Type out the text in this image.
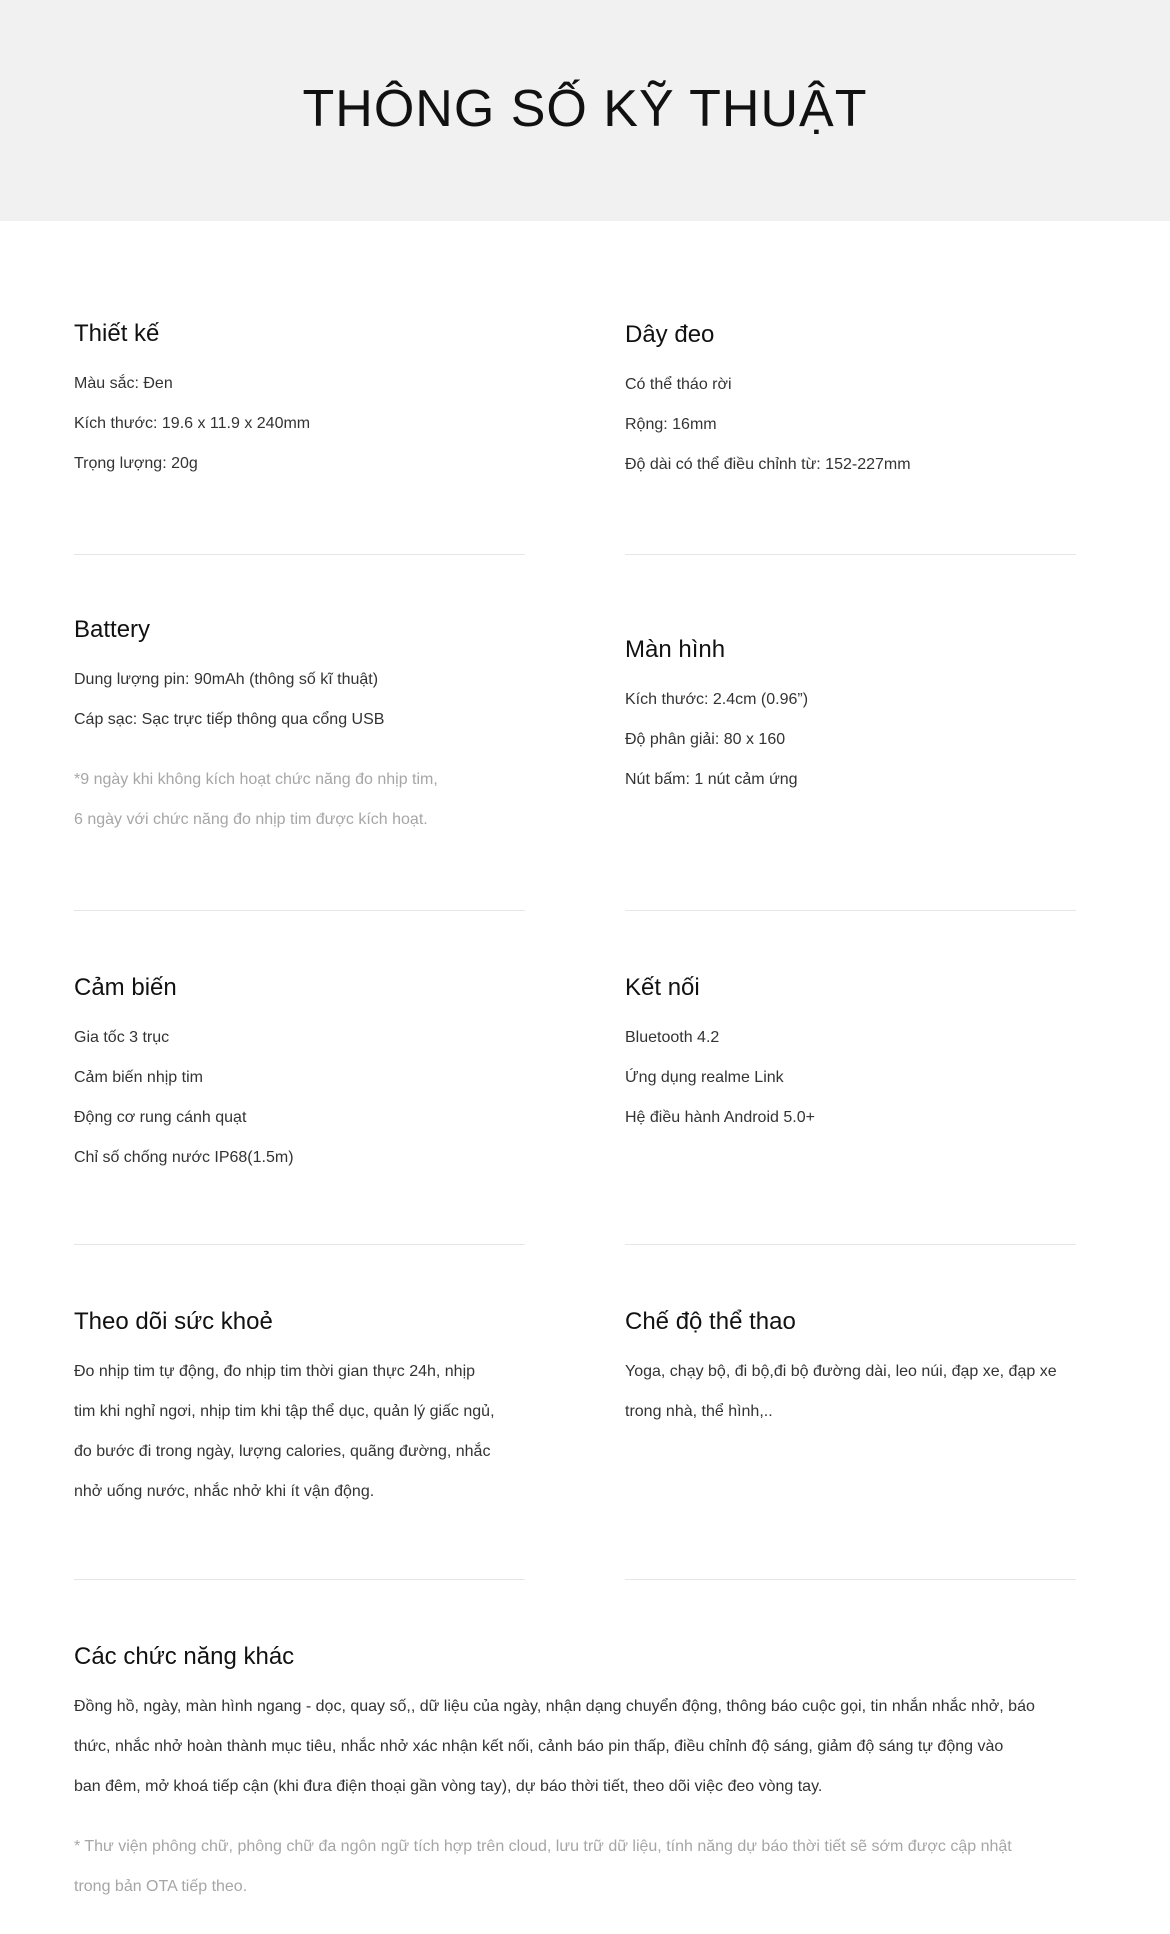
THÔNG SỐ KỸ THUẬT
Thiết kế
Màu sắc: Đen
Kích thước: 19.6 x 11.9 x 240mm
Trọng lượng: 20g
Dây đeo
Có thể tháo rời
Rộng: 16mm
Độ dài có thể điều chỉnh từ: 152-227mm
Battery
Dung lượng pin: 90mAh (thông số kĩ thuật)
Cáp sạc: Sạc trực tiếp thông qua cổng USB
*9 ngày khi không kích hoạt chức năng đo nhịp tim,
6 ngày với chức năng đo nhịp tim được kích hoạt.
Màn hình
Kích thước: 2.4cm (0.96”)
Độ phân giải: 80 x 160
Nút bấm: 1 nút cảm ứng
Cảm biến
Gia tốc 3 trục
Cảm biến nhịp tim
Động cơ rung cánh quạt
Chỉ số chống nước IP68(1.5m)
Kết nối
Bluetooth 4.2
Ứng dụng realme Link
Hệ điều hành Android 5.0+
Theo dõi sức khoẻ
Đo nhịp tim tự động, đo nhịp tim thời gian thực 24h, nhịp
tim khi nghỉ ngơi, nhịp tim khi tập thể dục, quản lý giấc ngủ,
đo bước đi trong ngày, lượng calories, quãng đường, nhắc
nhở uống nước, nhắc nhở khi ít vận động.
Chế độ thể thao
Yoga, chạy bộ, đi bộ,đi bộ đường dài, leo núi, đạp xe, đạp xe
trong nhà, thể hình,..
Các chức năng khác
Đồng hồ, ngày, màn hình ngang - dọc, quay số,, dữ liệu của ngày, nhận dạng chuyển động, thông báo cuộc gọi, tin nhắn nhắc nhở, báo
thức, nhắc nhở hoàn thành mục tiêu, nhắc nhở xác nhận kết nối, cảnh báo pin thấp, điều chỉnh độ sáng, giảm độ sáng tự động vào
ban đêm, mở khoá tiếp cận (khi đưa điện thoại gần vòng tay), dự báo thời tiết, theo dõi việc đeo vòng tay.
* Thư viện phông chữ, phông chữ đa ngôn ngữ tích hợp trên cloud, lưu trữ dữ liệu, tính năng dự báo thời tiết sẽ sớm được cập nhật
trong bản OTA tiếp theo.
